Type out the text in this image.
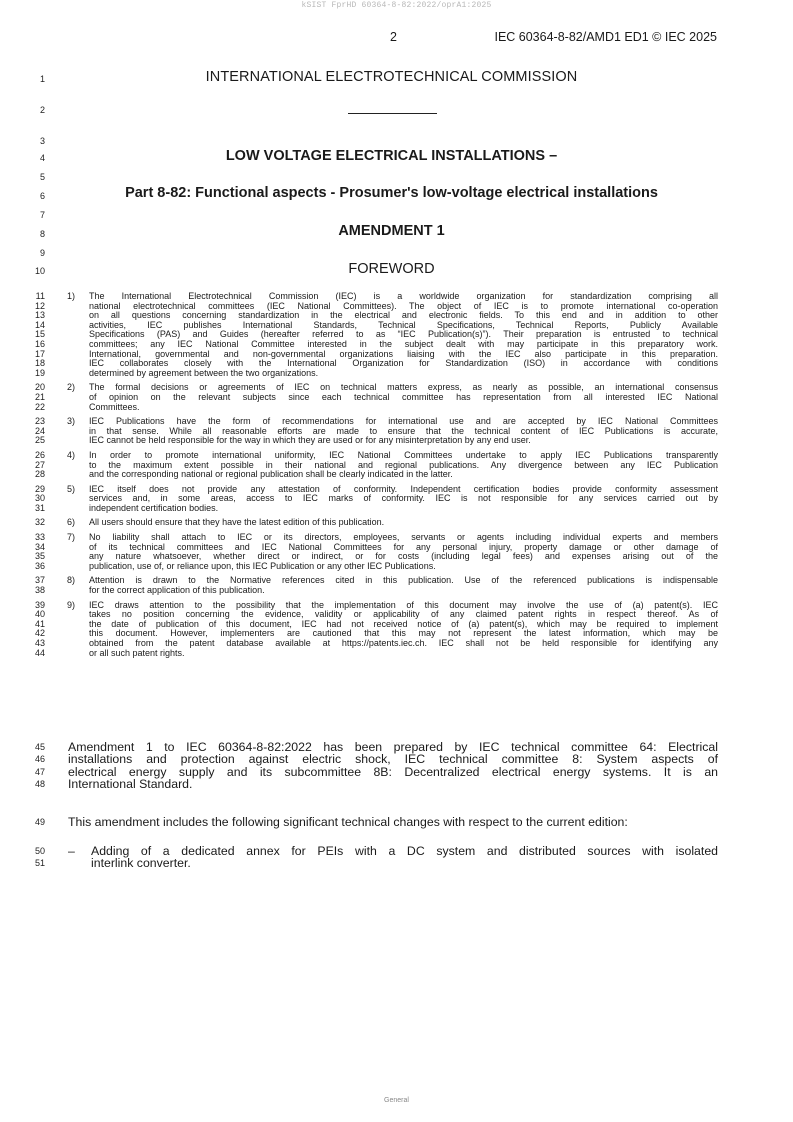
kSIST FprHD 60364-8-82:2022/oprA1:2025
2	IEC 60364-8-82/AMD1 ED1 © IEC 2025
1
2
3
4
5
6
7
8
9
10
INTERNATIONAL ELECTROTECHNICAL COMMISSION
LOW VOLTAGE ELECTRICAL INSTALLATIONS –
Part 8-82: Functional aspects - Prosumer's low-voltage electrical installations
AMENDMENT 1
FOREWORD
11
12
13
14
15
16
17
18
19
1)	The International Electrotechnical Commission (IEC) is a worldwide organization for standardization comprising all
national electrotechnical committees (IEC National Committees). The object of IEC is to promote international co-operation
on all questions concerning standardization in the electrical and electronic fields. To this end and in addition to other
activities, IEC publishes International Standards, Technical Specifications, Technical Reports, Publicly Available
Specifications (PAS) and Guides (hereafter referred to as “IEC Publication(s)”). Their preparation is entrusted to technical
committees; any IEC National Committee interested in the subject dealt with may participate in this preparatory work.
International, governmental and non-governmental organizations liaising with the IEC also participate in this preparation.
IEC collaborates closely with the International Organization for Standardization (ISO) in accordance with conditions
determined by agreement between the two organizations.
20
21
22
2)	The formal decisions or agreements of IEC on technical matters express, as nearly as possible, an international consensus
of opinion on the relevant subjects since each technical committee has representation from all interested IEC National
Committees.
23
24
25
3)	IEC Publications have the form of recommendations for international use and are accepted by IEC National Committees
in that sense. While all reasonable efforts are made to ensure that the technical content of IEC Publications is accurate,
IEC cannot be held responsible for the way in which they are used or for any misinterpretation by any end user.
26
27
28
4)	In order to promote international uniformity, IEC National Committees undertake to apply IEC Publications transparently
to the maximum extent possible in their national and regional publications. Any divergence between any IEC Publication
and the corresponding national or regional publication shall be clearly indicated in the latter.
29
30
31
5)	IEC itself does not provide any attestation of conformity. Independent certification bodies provide conformity assessment
services and, in some areas, access to IEC marks of conformity. IEC is not responsible for any services carried out by
independent certification bodies.
32 6)	All users should ensure that they have the latest edition of this publication.
33
34
35
36
7)	No liability shall attach to IEC or its directors, employees, servants or agents including individual experts and members
of its technical committees and IEC National Committees for any personal injury, property damage or other damage of
any nature whatsoever, whether direct or indirect, or for costs (including legal fees) and expenses arising out of the
publication, use of, or reliance upon, this IEC Publication or any other IEC Publications.
37
38
8)	Attention is drawn to the Normative references cited in this publication. Use of the referenced publications is indispensable
for the correct application of this publication.
39
40
41
42
43
44
9)	IEC draws attention to the possibility that the implementation of this document may involve the use of (a) patent(s). IEC
takes no position concerning the evidence, validity or applicability of any claimed patent rights in respect thereof. As of
the date of publication of this document, IEC had not received notice of (a) patent(s), which may be required to implement
this document. However, implementers are cautioned that this may not represent the latest information, which may be
obtained from the patent database available at https://patents.iec.ch. IEC shall not be held responsible for identifying any
or all such patent rights.
45
46
47
48
Amendment 1 to IEC 60364-8-82:2022 has been prepared by IEC technical committee 64: Electrical
installations and protection against electric shock, IEC technical committee 8: System aspects of
electrical energy supply and its subcommittee 8B: Decentralized electrical energy systems. It is an
International Standard.
49 This amendment includes the following significant technical changes with respect to the current edition:
50
51
–	Adding of a dedicated annex for PEIs with a DC system and distributed sources with isolated
interlink converter.
General
